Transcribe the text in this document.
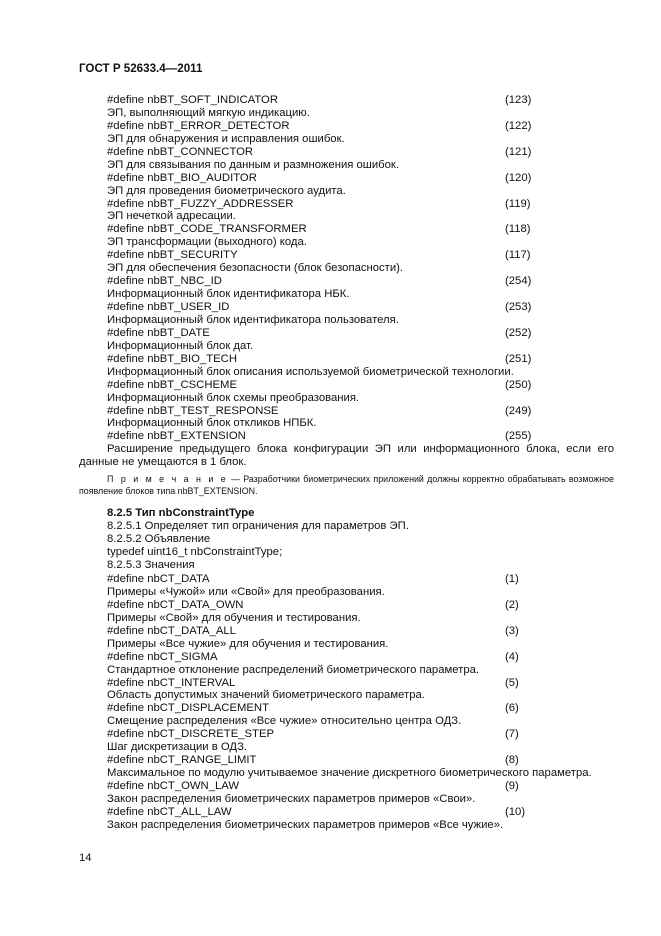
ГОСТ Р 52633.4—2011
#define nbBT_SOFT_INDICATOR	(123)
ЭП, выполняющий мягкую индикацию.
#define nbBT_ERROR_DETECTOR	(122)
ЭП для обнаружения и исправления ошибок.
#define nbBT_CONNECTOR	(121)
ЭП для связывания по данным и размножения ошибок.
#define nbBT_BIO_AUDITOR	(120)
ЭП для проведения биометрического аудита.
#define nbBT_FUZZY_ADDRESSER	(119)
ЭП нечеткой адресации.
#define nbBT_CODE_TRANSFORMER	(118)
ЭП трансформации (выходного) кода.
#define nbBT_SECURITY	(117)
ЭП для обеспечения безопасности (блок безопасности).
#define nbBT_NBC_ID	(254)
Информационный блок идентификатора НБК.
#define nbBT_USER_ID	(253)
Информационный блок идентификатора пользователя.
#define nbBT_DATE	(252)
Информационный блок дат.
#define nbBT_BIO_TECH	(251)
Информационный блок описания используемой биометрической технологии.
#define nbBT_CSCHEME	(250)
Информационный блок схемы преобразования.
#define nbBT_TEST_RESPONSE	(249)
Информационный блок откликов НПБК.
#define nbBT_EXTENSION	(255)
Расширение предыдущего блока конфигурации ЭП или информационного блока, если его данные не умещаются в 1 блок.
П р и м е ч а н и е — Разработчики биометрических приложений должны корректно обрабатывать возможное появление блоков типа nbBT_EXTENSION.
8.2.5 Тип nbConstraintType
8.2.5.1 Определяет тип ограничения для параметров ЭП.
8.2.5.2 Объявление
typedef uint16_t nbConstraintType;
8.2.5.3 Значения
#define nbCT_DATA	(1)
Примеры «Чужой» или «Свой» для преобразования.
#define nbCT_DATA_OWN	(2)
Примеры «Свой» для обучения и тестирования.
#define nbCT_DATA_ALL	(3)
Примеры «Все чужие» для обучения и тестирования.
#define nbCT_SIGMA	(4)
Стандартное отклонение распределений биометрического параметра.
#define nbCT_INTERVAL	(5)
Область допустимых значений биометрического параметра.
#define nbCT_DISPLACEMENT	(6)
Смещение распределения «Все чужие» относительно центра ОДЗ.
#define nbCT_DISCRETE_STEP	(7)
Шаг дискретизации в ОДЗ.
#define nbCT_RANGE_LIMIT	(8)
Максимальное по модулю учитываемое значение дискретного биометрического параметра.
#define nbCT_OWN_LAW	(9)
Закон распределения биометрических параметров примеров «Свои».
#define nbCT_ALL_LAW	(10)
Закон распределения биометрических параметров примеров «Все чужие».
14
